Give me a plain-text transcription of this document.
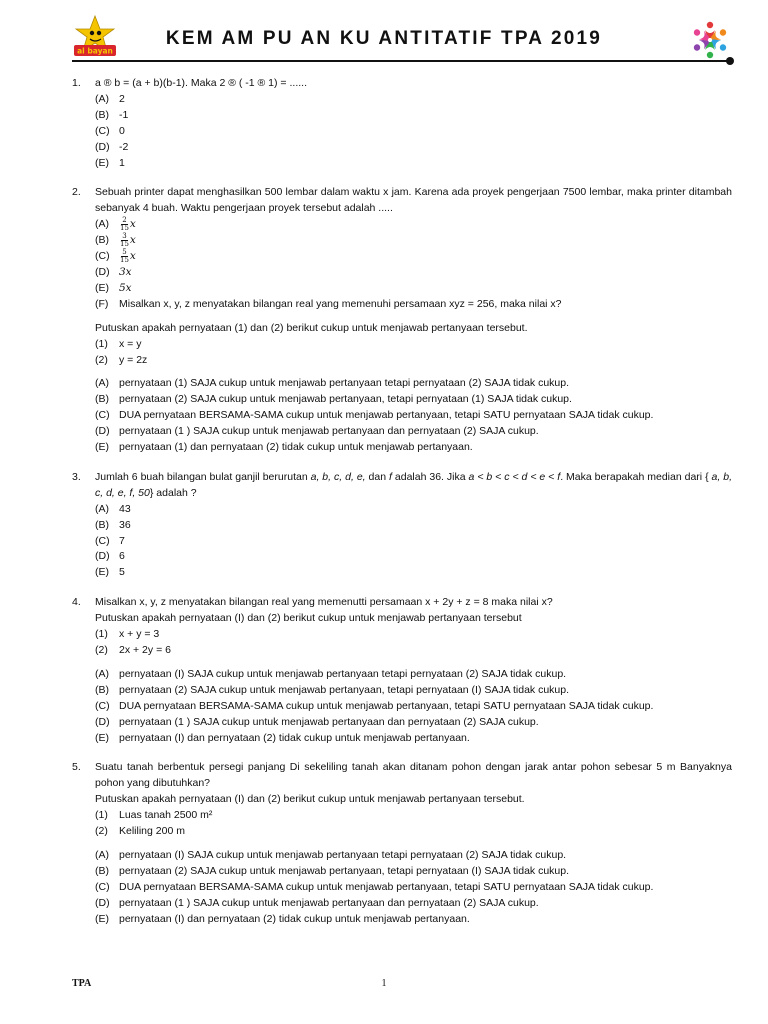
al bayan
KEM AM PU AN KU ANTITATIF TPA 2019
1. a ® b = (a + b)(b-1). Maka 2 ® ( -1 ® 1) = ......
(A) 2
(B) -1
(C) 0
(D) -2
(E) 1
2. Sebuah printer dapat menghasilkan 500 lembar dalam waktu x jam. Karena ada proyek pengerjaan 7500 lembar, maka printer ditambah sebanyak 4 buah. Waktu pengerjaan proyek tersebut adalah .....
(A)	$\frac{2}{15}$ x
(B)	$\frac{3}{15}$ x
(C)	$\frac{5}{15}$ x
(D) 3x
(E) 5x
(F)	Misalkan x, y, z menyatakan bilangan real yang memenuhi persamaan xyz = 256, maka nilai x?
Putuskan apakah pernyataan (1) dan (2) berikut cukup untuk menjawab pertanyaan tersebut.
(1)	x = y
(2)	y = 2z
(A) pernyataan (1) SAJA cukup untuk menjawab pertanyaan tetapi pernyataan (2) SAJA tidak cukup.
(B) pernyataan (2) SAJA cukup untuk menjawab pertanyaan, tetapi pernyataan (1) SAJA tidak cukup.
(C) DUA pernyataan BERSAMA-SAMA cukup untuk menjawab pertanyaan, tetapi SATU pernyataan SAJA tidak cukup.
(D) pernyataan (1 ) SAJA cukup untuk menjawab pertanyaan dan pernyataan (2) SAJA cukup.
(E) pernyataan (1) dan pernyataan (2) tidak cukup untuk menjawab pertanyaan.
3. Jumlah 6 buah bilangan bulat ganjil berurutan a, b, c, d, e, dan f adalah 36. Jika a < b < c < d < e < f. Maka berapakah median dari { a, b, c, d, e, f, 50} adalah ?
(A) 43
(B) 36
(C) 7
(D) 6
(E) 5
4. Misalkan x, y, z menyatakan bilangan real yang memenutti persamaan x + 2y + z = 8 maka nilai x?
Putuskan apakah pernyataan (I) dan (2) berikut cukup untuk menjawab pertanyaan tersebut
(1)	x + y = 3
(2)	2x + 2y = 6
(A) pernyataan (I) SAJA cukup untuk menjawab pertanyaan tetapi pernyataan (2) SAJA tidak cukup.
(B) pernyataan (2) SAJA cukup untuk menjawab pertanyaan, tetapi pernyataan (I) SAJA tidak cukup.
(C) DUA pernyataan BERSAMA-SAMA cukup untuk menjawab pertanyaan, tetapi SATU pernyataan SAJA tidak cukup.
(D) pernyataan (1 ) SAJA cukup untuk menjawab pertanyaan dan pernyataan (2) SAJA cukup.
(E) pernyataan (I) dan pernyataan (2) tidak cukup untuk menjawab pertanyaan.
5. Suatu tanah berbentuk persegi panjang Di sekeliling tanah akan ditanam pohon dengan jarak antar pohon sebesar 5 m Banyaknya pohon yang dibutuhkan?
Putuskan apakah pernyataan (I) dan (2) berikut cukup untuk menjawab pertanyaan tersebut.
(1)	Luas tanah 2500 m²
(2)	Keliling 200 m
(A) pernyataan (I) SAJA cukup untuk menjawab pertanyaan tetapi pernyataan (2) SAJA tidak cukup.
(B) pernyataan (2) SAJA cukup untuk menjawab pertanyaan, tetapi pernyataan (I) SAJA tidak cukup.
(C) DUA pernyataan BERSAMA-SAMA cukup untuk menjawab pertanyaan, tetapi SATU pernyataan SAJA tidak cukup.
(D) pernyataan (1 ) SAJA cukup untuk menjawab pertanyaan dan pernyataan (2) SAJA cukup.
(E) pernyataan (I) dan pernyataan (2) tidak cukup untuk menjawab pertanyaan.
TPA	1
